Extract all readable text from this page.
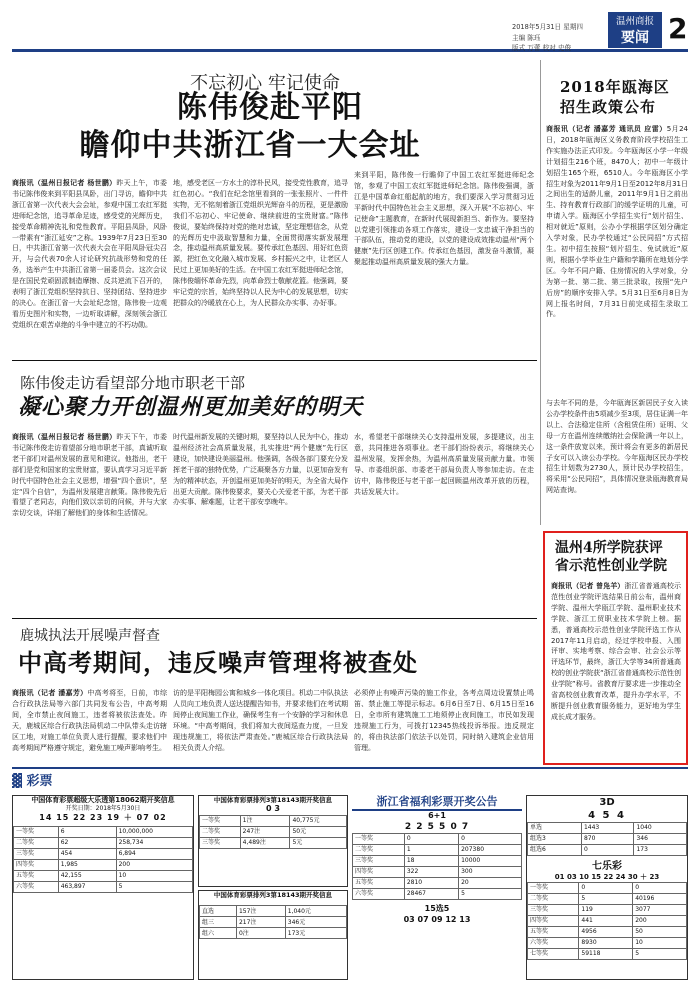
2018年5月31日 星期四
主编 陈珏
版式 万蕾 校对 史俊
温州商报
要闻 2
不忘初心 牢记使命
陈伟俊赴平阳
瞻仰中共浙江省一大会址
商报讯（温州日报记者 杨世鹏）昨天上午，市委书记陈伟俊来到平阳县凤卧，出门寻访，瞻仰中共浙江省第一次代表大会会址，参观中国工农红军挺进师纪念馆，追寻革命足迹，感受党的光辉历史，接受革命精神洗礼和党性教育。平阳县凤卧，风卧一带素有“浙江延安”之称。1939年7月23日至30日，中共浙江省第一次代表大会在平阳凤卧冠尖召开，与会代表70余人讨论研究抗战形势和党的任务，选举产生中共浙江省第一届委员会。这次会议是在国民党顽固派制造摩擦、反共逆流下召开的，表明了浙江党组织坚持抗日、坚持团结、坚持进步的决心。在浙江省一大会址纪念馆，陈伟俊一边观看历史图片和实物，一边听取讲解，深刻领会浙江党组织在艰苦卓绝的斗争中建立的不朽功勋。
地，感受老区一方水土的淳朴民风，接受党性教育，追寻红色初心。“我们在纪念馆里看到的一张张照片、一件件实物，无不铭刻着浙江党组织光辉奋斗的历程，更是激励我们不忘初心、牢记使命、继续前进的宝贵财富。”陈伟俊说，要始终保持对党的绝对忠诚，坚定理想信念，从党的光辉历史中汲取智慧和力量，全面贯彻落实新发展理念，推动温州高质量发展。要传承红色基因、用好红色资源，把红色文化融入城市发展、乡村振兴之中，让老区人民过上更加美好的生活。在中国工农红军挺进师纪念馆，陈伟俊缅怀革命先烈，向革命烈士敬献花篮。他强调，要牢记党的宗旨，始终坚持以人民为中心的发展思想，切实把群众的冷暖放在心上，为人民群众办实事、办好事。
来到平阳，陈伟俊一行瞻仰了中国工农红军挺进师纪念馆，参观了中国工农红军挺进师纪念馆。陈伟俊强调，浙江是中国革命红船起航的地方，我们要深入学习贯彻习近平新时代中国特色社会主义思想，深入开展“不忘初心、牢记使命”主题教育，在新时代展现新担当、新作为。要坚持以党建引领推动各项工作落实，建设一支忠诚干净担当的干部队伍，推动党的建设，以党的建设成效推动温州“两个健康”先行区创建工作。传承红色基因，激发奋斗激情，凝聚起推动温州高质量发展的强大力量。
陈伟俊走访看望部分地市职老干部
凝心聚力开创温州更加美好的明天
商报讯（温州日报记者 杨世鹏）昨天下午，市委书记陈伟俊走访看望部分地市职老干部，真诚听取老干部们对温州发展的意见和建议。他指出，老干部们是党和国家的宝贵财富，要认真学习习近平新时代中国特色社会主义思想，增强“四个意识”，坚定“四个自信”，为温州发展建言献策。陈伟俊先后看望了老同志，向他们致以亲切的问候，并与大家亲切交谈，详细了解他们的身体和生活情况。
时代温州新发展的关键时期，要坚持以人民为中心，推动温州经济社会高质量发展，扎实推进“两个健康”先行区建设，加快建设美丽温州。他强调，各级各部门要充分发挥老干部的独特优势，广泛凝聚各方力量，以更加奋发有为的精神状态，开创温州更加美好的明天，为全省大局作出更大贡献。陈伟俊要求，要关心关爱老干部，为老干部办实事、解难题，让老干部安享晚年。
水，希望老干部继续关心支持温州发展，多提建议，出主意，共同推进各项事业。老干部们纷纷表示，将继续关心温州发展，发挥余热，为温州高质量发展贡献力量。市领导、市委组织部、市委老干部局负责人等参加走访。在走访中，陈伟俊还与老干部一起回顾温州改革开放的历程，共话发展大计。
鹿城执法开展噪声督查
中高考期间，违反噪声管理将被查处
商报讯（记者 潘嘉芳）中高考将至，日前，市综合行政执法局等六部门共同发布公告，中高考期间，全市禁止夜间施工，违者将被依法查处。昨天，鹿城区综合行政执法局机动二中队带头走访辖区工地，对施工单位负责人进行提醒，要求他们中高考期间严格遵守规定，避免施工噪声影响考生。
访的是平阳梅园公寓和城乡一体化项目。机动二中队执法人员向工地负责人送达提醒告知书，并要求他们在考试期间停止夜间施工作业，确保考生有一个安静的学习和休息环境。“中高考期间，我们将加大夜间巡查力度，一旦发现违规施工，将依法严肃查处。”鹿城区综合行政执法局相关负责人介绍。
必须停止有噪声污染的施工作业，各考点周边设置禁止鸣笛、禁止施工等提示标志。6月6日至7日、6月15日至16日，全市所有建筑施工工地须停止夜间施工，市民如发现违规施工行为，可拨打12345热线投诉举报。违反规定的，将由执法部门依法予以处罚，同时纳入建筑企业信用管理。
2018年瓯海区
招生政策公布
商报讯（记者 潘嘉芳 通讯员 应雷）5月24日，2018年瓯海区义务教育阶段学校招生工作实施办法正式印发。今年瓯海区小学一年级计划招生216个班，8470人；初中一年级计划招生165个班，6510人。今年瓯海区小学招生对象为2011年9月1日至2012年8月31日之间出生的适龄儿童，2011年9月1日之前出生、持有教育行政部门的缓学证明的儿童，可申请入学。瓯海区小学招生实行“划片招生、相对就近”原则，公办小学根据学区划分确定入学对象，民办学校通过“公民同招”方式招生。初中招生按照“划片招生、免试就近”原则，根据小学毕业生户籍和学籍所在地划分学区。今年不同户籍、住房情况的入学对象，分为第一批、第二批、第三批录取，按照“先户后房”的顺序安排入学。5月31日至6月8日为网上报名时间，7月31日前完成招生录取工作。
与去年不同的是，今年瓯海区新居民子女入读公办学校条件由5项减少至3项，居住证满一年以上、合法稳定住所（含租赁住所）证明、父母一方在温州连续缴纳社会保险满一年以上，这一条件放宽以来，预计将会有更多的新居民子女可以入读公办学校。今年瓯海区民办学校招生计划数为2730人，预计民办学校招生，将采用“公民同招”，具体情况登录瓯海教育局网站查询。
温州4所学院获评
省示范性创业学院
商报讯（记者 曾凫羊）浙江省普通高校示范性创业学院评选结果日前公布，温州商学院、温州大学瓯江学院、温州职业技术学院、浙江工贸职业技术学院上榜。据悉，普通高校示范性创业学院评选工作从2017年11月启动，经过学校申报、入围评审、实地考察、综合会审、社会公示等评选环节，最终，浙江大学等34所普通高校的创业学院获“浙江省普通高校示范性创业学院”称号。省教育厅要求进一步推动全省高校创业教育改革，提升办学水平，不断提升创业教育服务能力，更好地为学生成长成才服务。
▓ 彩票
中国体育彩票超级大乐透第18062期开奖信息
开奖日期：2018年5月30日
14 15 22 23 19 ＋ 07 02
一等奖	6	10,000,000
二等奖	62	258,734
三等奖	454	6,894
四等奖	1,985	200
五等奖	42,155	10
六等奖	463,897	5
中国体育彩票排列3第18143期开奖信息
0 3
一等奖	1注	40,775元
二等奖	247注	50元
三等奖	4,489注	5元
中国体育彩票排列3第18143期开奖信息
直选	157注	1,040元
组三	217注	346元
组六	0注	173元
浙江省福利彩票开奖公告
6+1
2 2 5 5 0 7
一等奖	0	0
二等奖	1	207380
三等奖	18	10000
四等奖	322	300
五等奖	2810	20
六等奖	28467	5
15选5
03 07 09 12 13
3D
4 5 4
单选	1443	1040
组选3	870	346
组选6	0	173
七乐彩
01 03 10 15 22 24 30 ＋ 23
一等奖	0	0
二等奖	5	40196
三等奖	119	3077
四等奖	441	200
五等奖	4956	50
六等奖	8930	10
七等奖	59118	5
